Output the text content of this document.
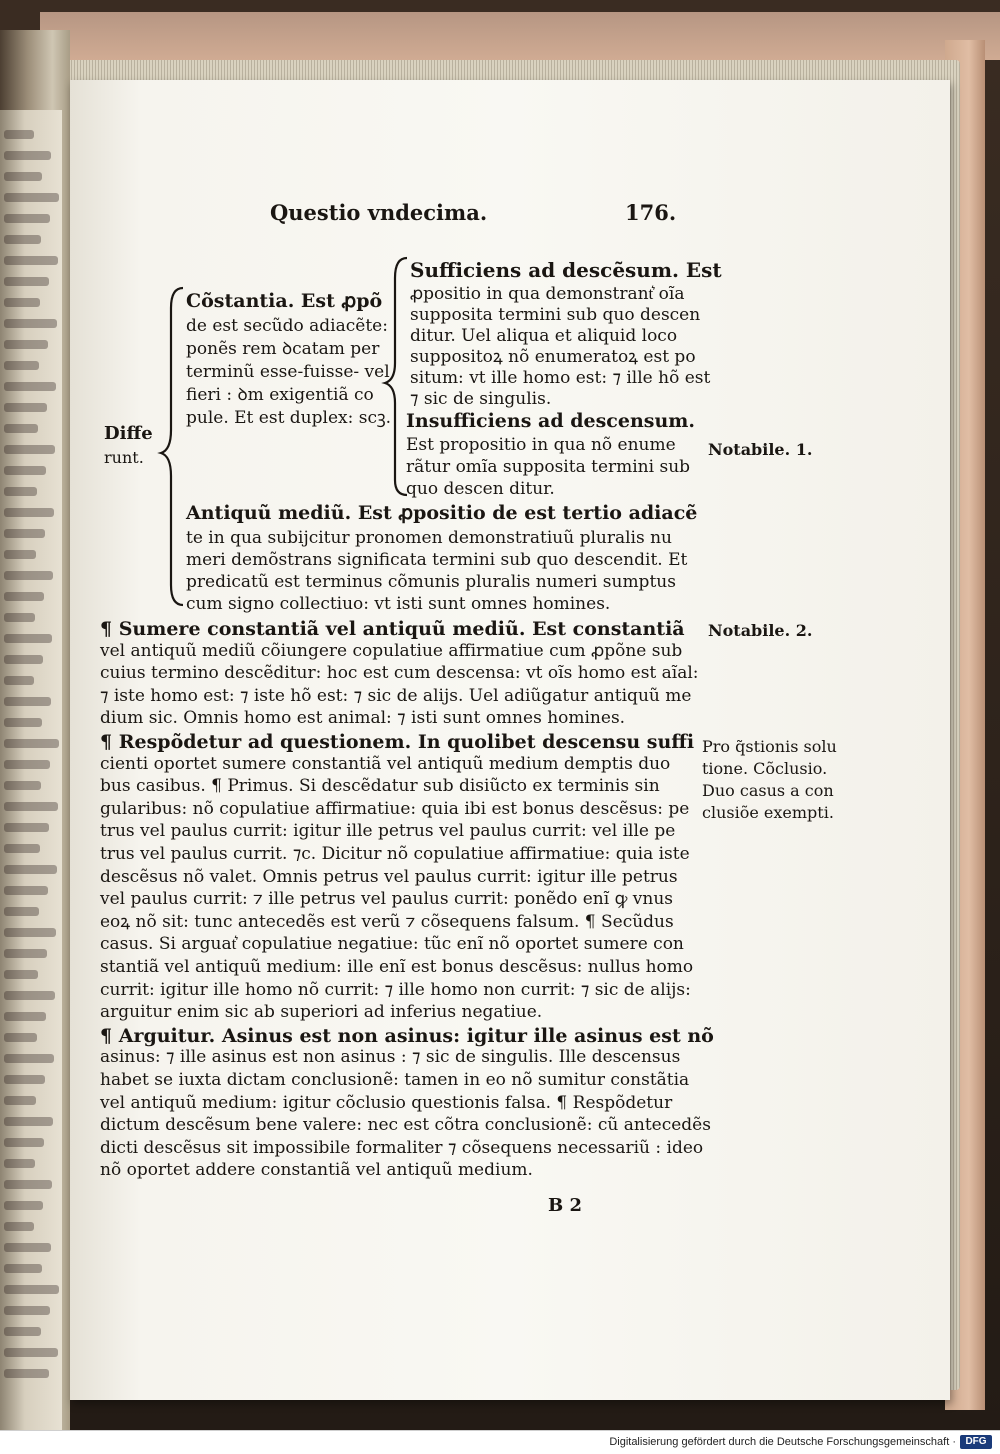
Questio vndecima.	176.
Sufficiens ad descẽsum. Est
ꝓpositio in qua demonstrant͛ oĩa
supposita termini sub quo descen
ditur. Uel aliqua et aliquid loco
suppositoꝝ nõ enumeratoꝝ est po
situm: vt ille homo est: ⁊ ille hõ est
⁊ sic de singulis.
Insufficiens ad descensum.
Est propositio in qua nõ enume
rãtur omĩa supposita termini sub
quo descen ditur.
Cõstantia. Est ꝓpõ
de est secũdo adiacẽte:
ponẽs rem ꝺcatam per
terminũ esse-fuisse- vel
fieri : ꝺm exigentiã co
pule. Et est duplex: scꝫ.
Diffe
runt.
Antiquũ mediũ. Est ꝓpositio de est tertio adiacẽ
te in qua subijcitur pronomen demonstratiuũ pluralis nu
meri demõstrans significata termini sub quo descendit. Et
predicatũ est terminus cõmunis pluralis numeri sumptus
cum signo collectiuo: vt isti sunt omnes homines.
¶ Sumere constantiã vel antiquũ mediũ. Est constantiã
vel antiquũ mediũ cõiungere copulatiue affirmatiue cum ꝓpõne sub
cuius termino descẽditur: hoc est cum descensa: vt oĩs homo est aĩal:
⁊ iste homo est: ⁊ iste hõ est: ⁊ sic de alijs. Uel adiũgatur antiquũ me
dium sic. Omnis homo est animal: ⁊ isti sunt omnes homines.
¶ Respõdetur ad questionem. In quolibet descensu suffi
cienti oportet sumere constantiã vel antiquũ medium demptis duo
bus casibus. ¶ Primus. Si descẽdatur sub disiũcto ex terminis sin
gularibus: nõ copulatiue affirmatiue: quia ibi est bonus descẽsus: pe
trus vel paulus currit: igitur ille petrus vel paulus currit: vel ille pe
trus vel paulus currit. ⁊c. Dicitur nõ copulatiue affirmatiue: quia iste
descẽsus nõ valet. Omnis petrus vel paulus currit: igitur ille petrus
vel paulus currit: ⁊ ille petrus vel paulus currit: ponẽdo enĩ ꝙ vnus
eoꝝ nõ sit: tunc antecedẽs est verũ ⁊ cõsequens falsum. ¶ Secũdus
casus. Si arguat͛ copulatiue negatiue: tũc enĩ nõ oportet sumere con
stantiã vel antiquũ medium: ille enĩ est bonus descẽsus: nullus homo
currit: igitur ille homo nõ currit: ⁊ ille homo non currit: ⁊ sic de alijs:
arguitur enim sic ab superiori ad inferius negatiue.
¶ Arguitur. Asinus est non asinus: igitur ille asinus est nõ
asinus: ⁊ ille asinus est non asinus : ⁊ sic de singulis. Ille descensus
habet se iuxta dictam conclusionẽ: tamen in eo nõ sumitur constãtia
vel antiquũ medium: igitur cõclusio questionis falsa. ¶ Respõdetur
dictum descẽsum bene valere: nec est cõtra conclusionẽ: cũ antecedẽs
dicti descẽsus sit impossibile formaliter ⁊ cõsequens necessariũ : ideo
nõ oportet addere constantiã vel antiquũ medium.
B 2
Notabile. 1.
Notabile. 2.
Pro q̃stionis solu
tione. Cõclusio.
Duo casus a con
clusiõe exempti.
Digitalisierung gefördert durch die Deutsche Forschungsgemeinschaft · DFG
